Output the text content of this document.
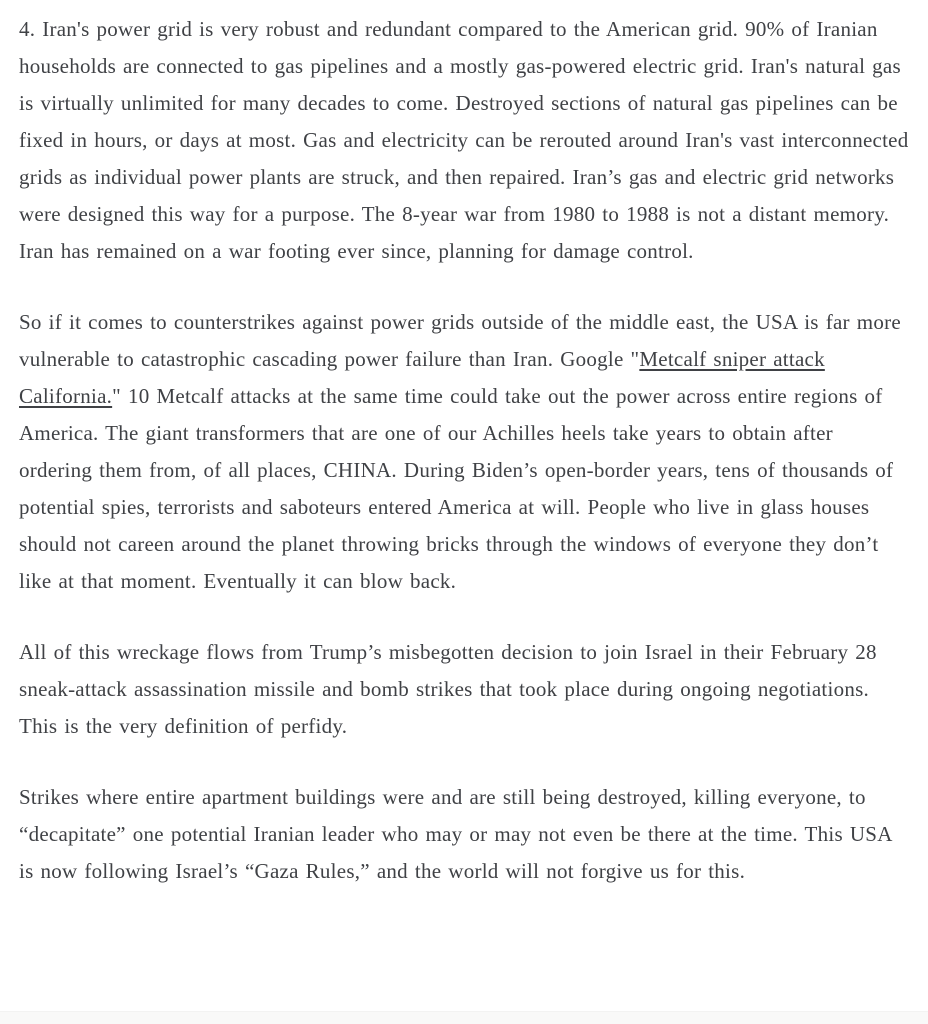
4. Iran's power grid is very robust and redundant compared to the American grid. 90% of Iranian households are connected to gas pipelines and a mostly gas-powered electric grid. Iran's natural gas is virtually unlimited for many decades to come. Destroyed sections of natural gas pipelines can be fixed in hours, or days at most. Gas and electricity can be rerouted around Iran's vast interconnected grids as individual power plants are struck, and then repaired. Iran’s gas and electric grid networks were designed this way for a purpose. The 8-year war from 1980 to 1988 is not a distant memory. Iran has remained on a war footing ever since, planning for damage control.

So if it comes to counterstrikes against power grids outside of the middle east, the USA is far more vulnerable to catastrophic cascading power failure than Iran. Google "Metcalf sniper attack California." 10 Metcalf attacks at the same time could take out the power across entire regions of America. The giant transformers that are one of our Achilles heels take years to obtain after ordering them from, of all places, CHINA. During Biden’s open-border years, tens of thousands of potential spies, terrorists and saboteurs entered America at will. People who live in glass houses should not careen around the planet throwing bricks through the windows of everyone they don’t like at that moment. Eventually it can blow back.

All of this wreckage flows from Trump’s misbegotten decision to join Israel in their February 28 sneak-attack assassination missile and bomb strikes that took place during ongoing negotiations. This is the very definition of perfidy.

Strikes where entire apartment buildings were and are still being destroyed, killing everyone, to “decapitate” one potential Iranian leader who may or may not even be there at the time. This USA is now following Israel’s “Gaza Rules,” and the world will not forgive us for this.
